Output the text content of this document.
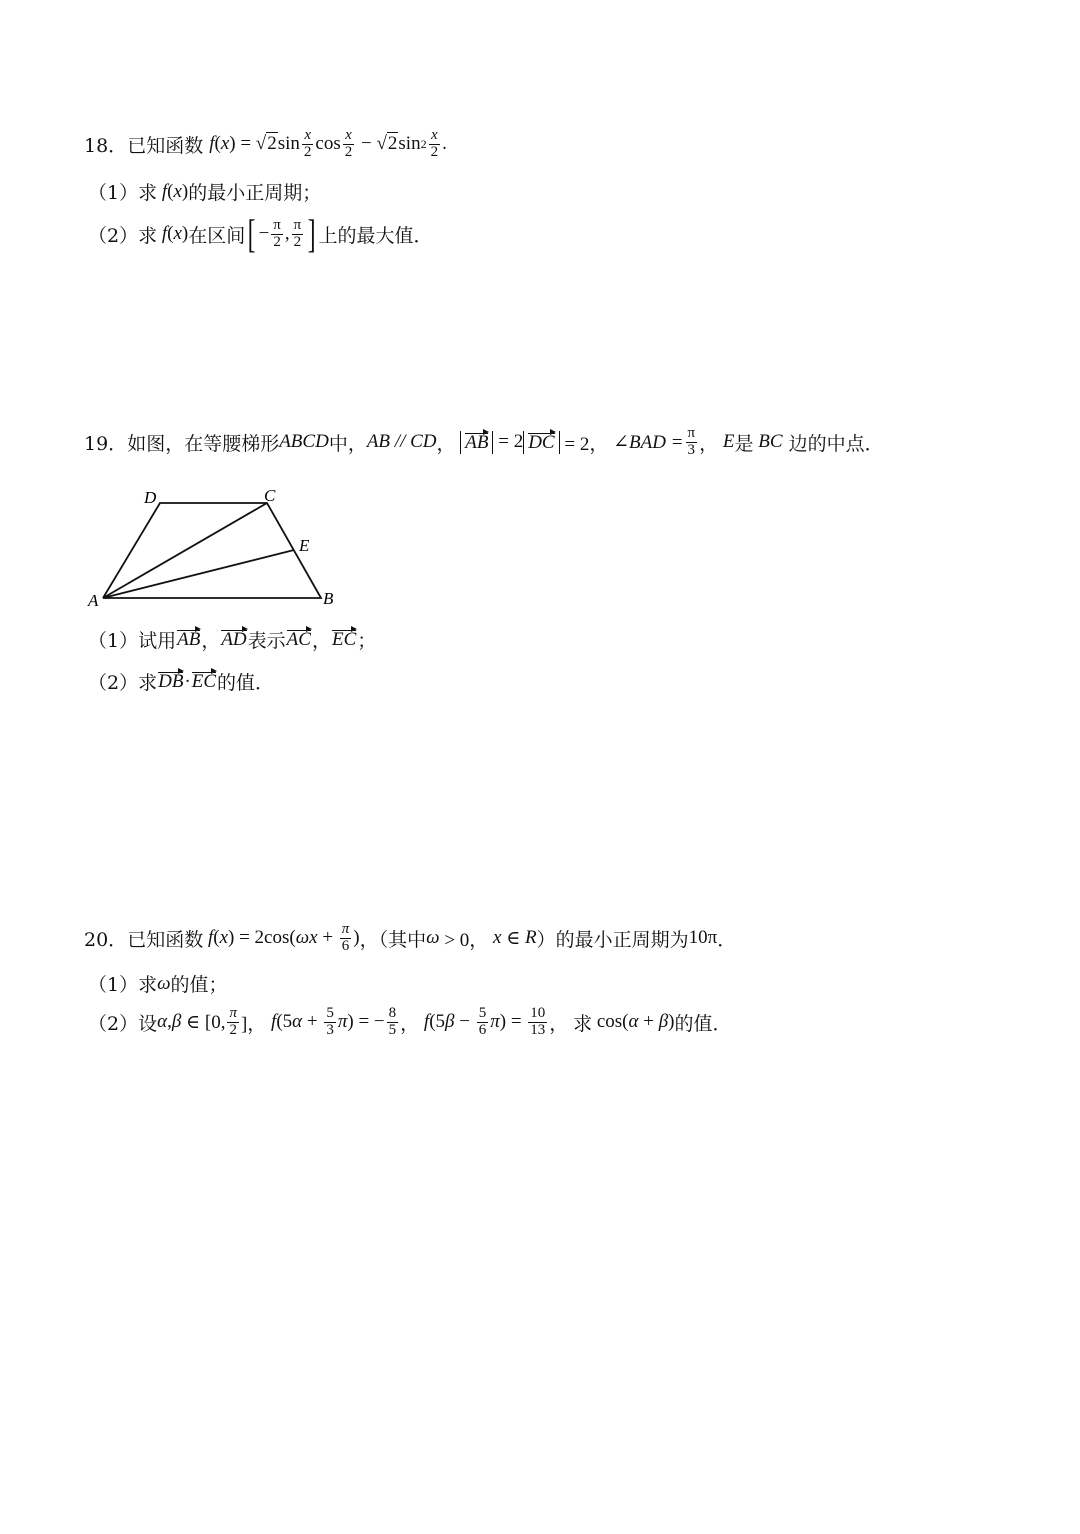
18． 已知函数 f ( x ) = √2 $\sin \frac{x}{2}$ $\cos \frac{x}{2} - √2$ $\sin 2 \frac{x}{2}$ .
（1）求 f ( x ) 的最小正周期；
（2）求 f ( x ) 在区间 [ − $\frac{\pi}{2}$ , $\frac{\pi}{2}$ ] 上的最大值．
19． 如图，在等腰梯形 ABCD 中， AB // CD ， AB = 2 DC = 2， ∠BAD = $\frac{\pi}{3}$ ， E 是
BC
边的中点．
D	C
E
A	B
（1）试用 AB ， AD 表示 AC ， EC ；
（2）求 DB · EC 的值．
20． 已知函数 f ( x ) = 2cos( $\omega x + \frac{\pi}{6}$ ) ，（其中 ω > 0， x ∈ R ）的最小正周期为 10π ．
（1）求 ω 的值；
（2）设 α , β ∈ [0, $\frac{\pi}{2}$ ]， f (5 $\alpha + \frac{5}{3}$ π ) = − $\frac{8}{5}$ ， f (5 $\beta - \frac{5}{6}$ π ) = $\frac{10}{13}$ ， 求 cos( α + β ) 的值．
